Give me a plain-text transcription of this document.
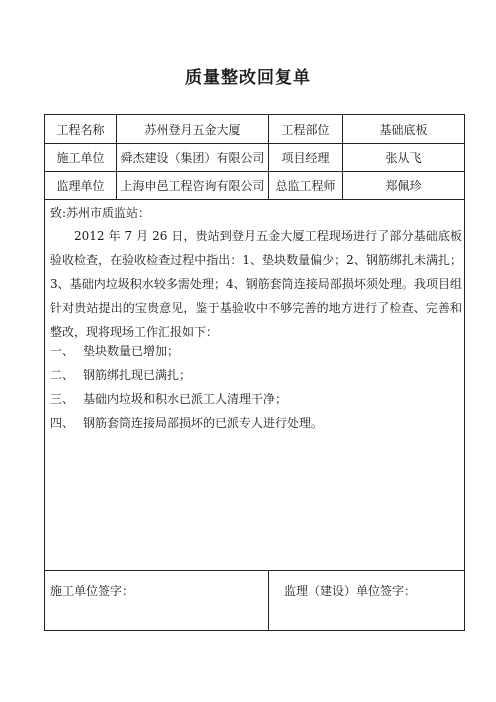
质量整改回复单
工程名称	苏州登月五金大厦	工程部位	基础底板
施工单位	舜杰建设（集团）有限公司	项目经理	张从飞
监理单位	上海申邑工程咨询有限公司 总监工程师	郑佩珍
致:苏州市质监站：
2012 年 7 月 26 日，贵站到登月五金大厦工程现场进行了部分基础底板验收检查，在验收检查过程中指出：1、垫块数量偏少；2、钢筋绑扎未满扎；3、基础内垃圾积水较多需处理；4、钢筋套筒连接局部损坏须处理。我项目组针对贵站提出的宝贵意见，鉴于基验收中不够完善的地方进行了检查、完善和整改，现将现场工作汇报如下：
一、 垫块数量已增加；
二、 钢筋绑扎现已满扎；
三、 基础内垃圾和积水已派工人清理干净；
四、 钢筋套筒连接局部损坏的已派专人进行处理。
施工单位签字：	监理（建设）单位签字：
